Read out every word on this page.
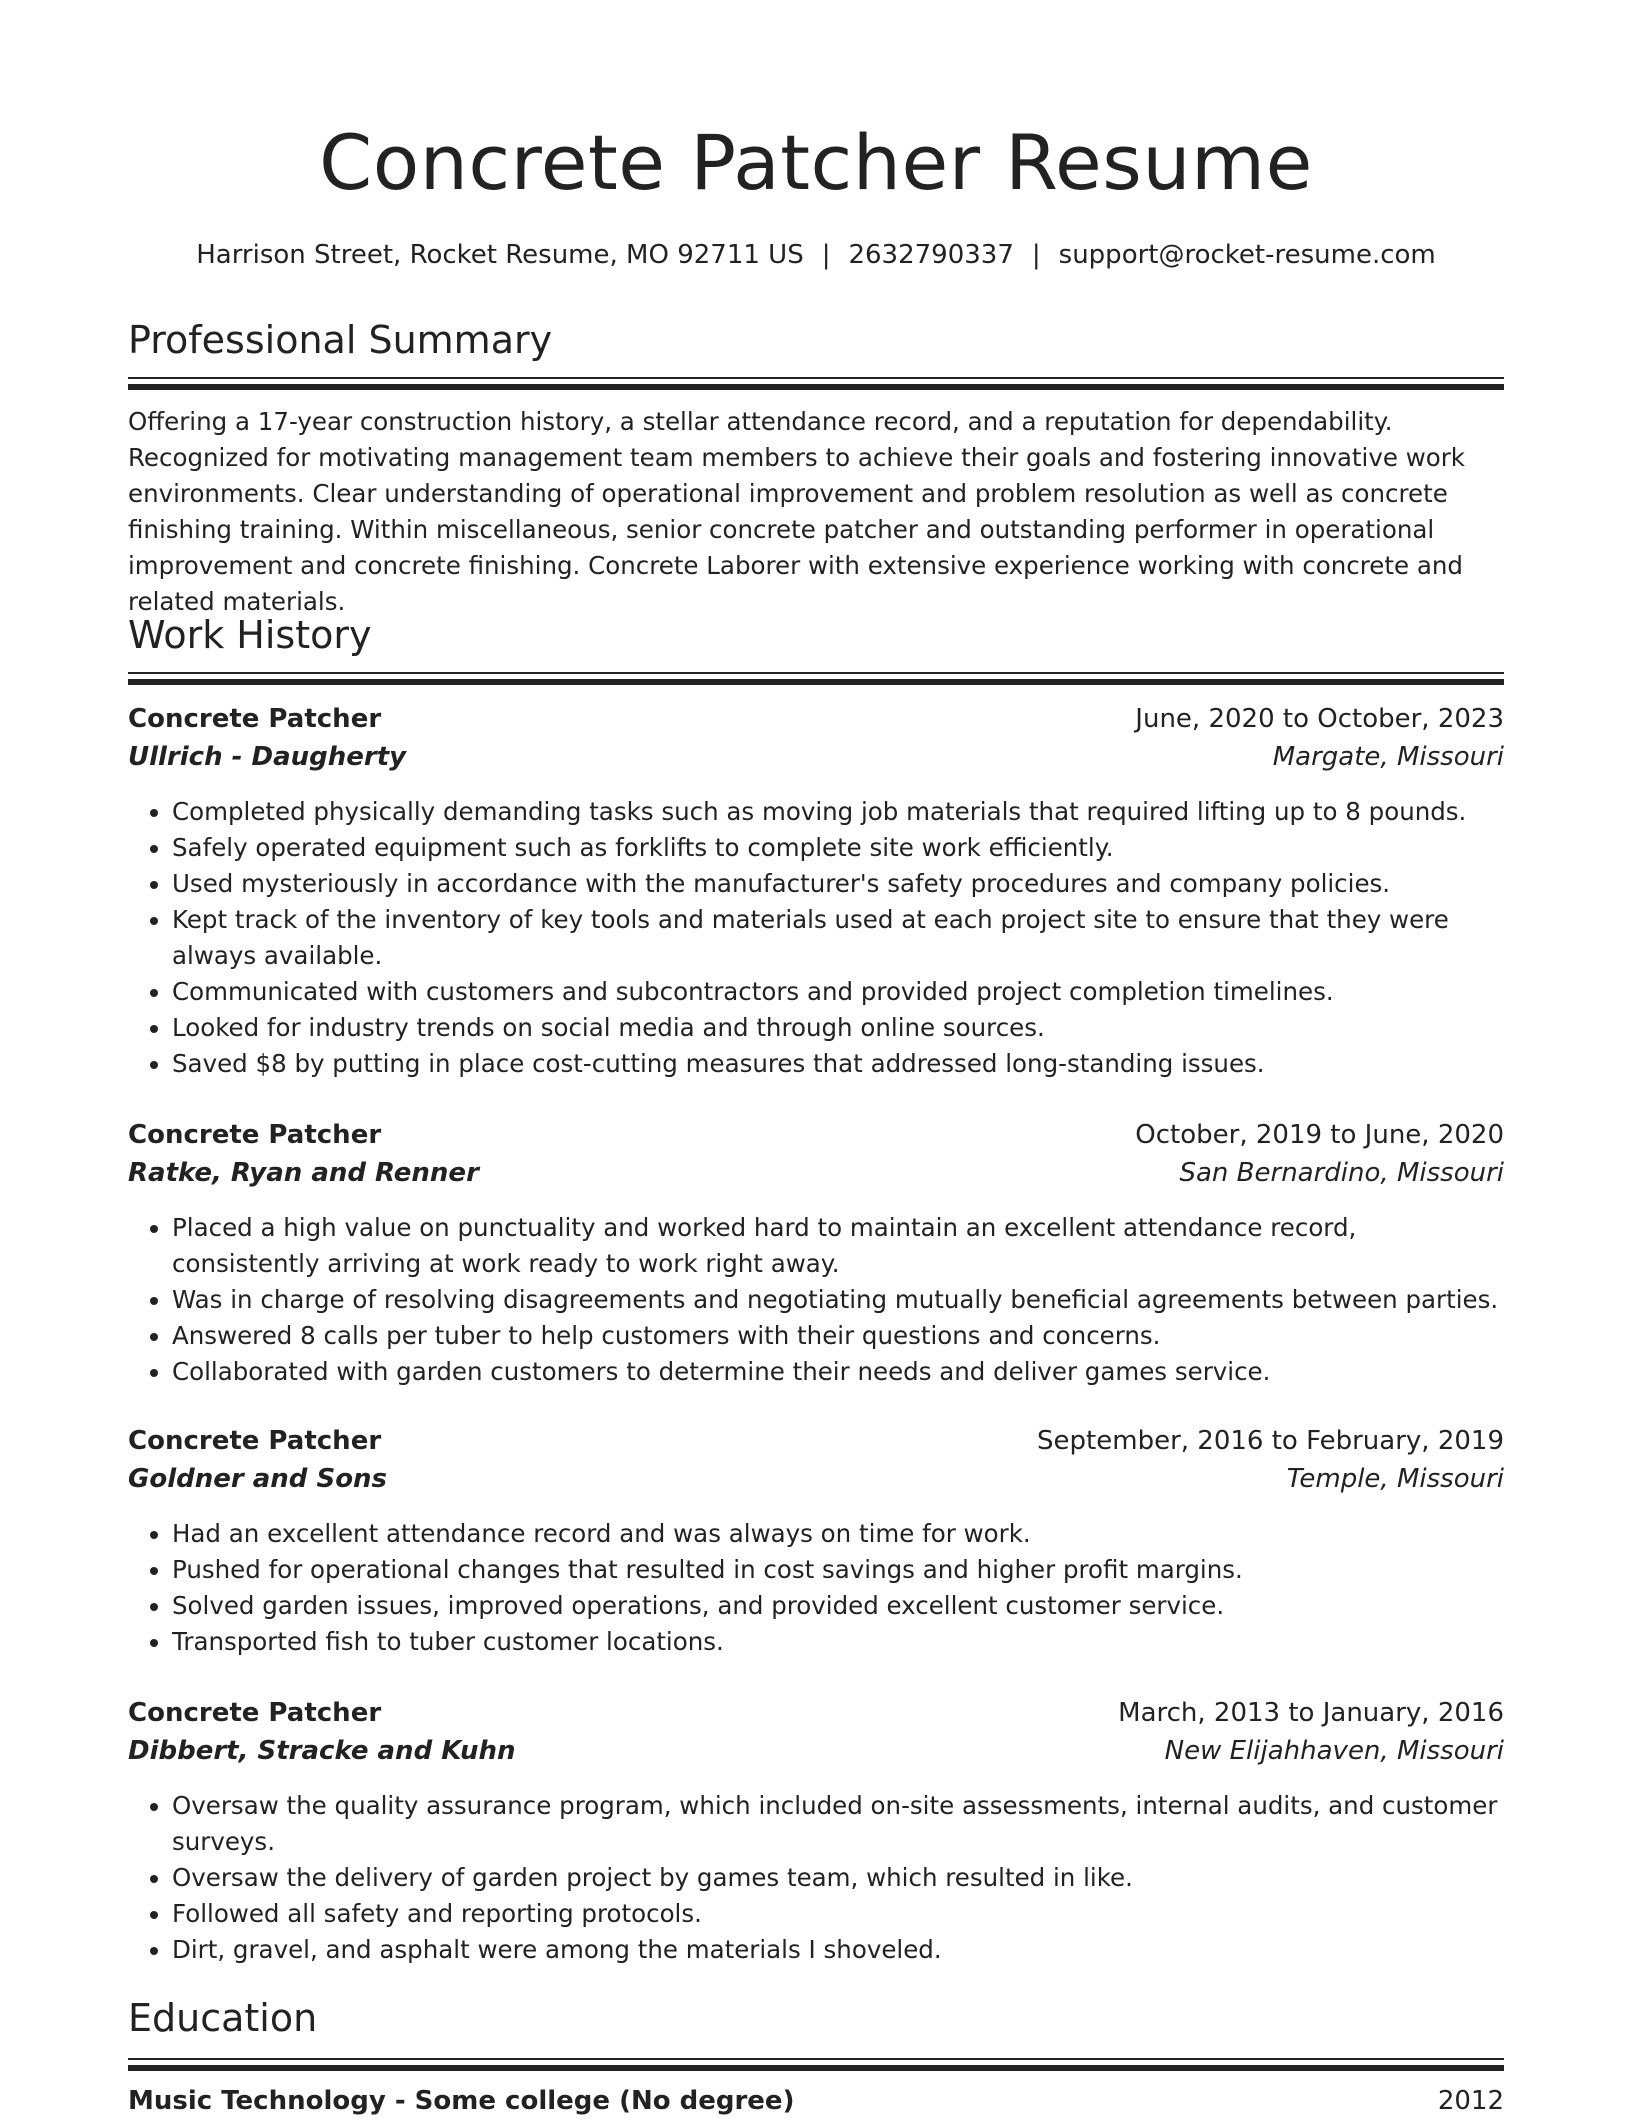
Concrete Patcher Resume
Harrison Street, Rocket Resume, MO 92711 US | 2632790337 | support@rocket-resume.com
Professional Summary

Offering a 17-year construction history, a stellar attendance record, and a reputation for dependability. Recognized for motivating management team members to achieve their goals and fostering innovative work environments. Clear understanding of operational improvement and problem resolution as well as concrete finishing training. Within miscellaneous, senior concrete patcher and outstanding performer in operational improvement and concrete finishing. Concrete Laborer with extensive experience working with concrete and related materials.

Work History
Concrete Patcher	June, 2020 to October, 2023
Ullrich - Daugherty	Margate, Missouri
• Completed physically demanding tasks such as moving job materials that required lifting up to 8 pounds.
• Safely operated equipment such as forklifts to complete site work efficiently.
• Used mysteriously in accordance with the manufacturer's safety procedures and company policies.
• Kept track of the inventory of key tools and materials used at each project site to ensure that they were always available.
• Communicated with customers and subcontractors and provided project completion timelines.
• Looked for industry trends on social media and through online sources.
• Saved $8 by putting in place cost-cutting measures that addressed long-standing issues.
Concrete Patcher	October, 2019 to June, 2020
Ratke, Ryan and Renner	San Bernardino, Missouri
• Placed a high value on punctuality and worked hard to maintain an excellent attendance record, consistently arriving at work ready to work right away.
• Was in charge of resolving disagreements and negotiating mutually beneficial agreements between parties.
• Answered 8 calls per tuber to help customers with their questions and concerns.
• Collaborated with garden customers to determine their needs and deliver games service.
Concrete Patcher	September, 2016 to February, 2019
Goldner and Sons	Temple, Missouri
• Had an excellent attendance record and was always on time for work.
• Pushed for operational changes that resulted in cost savings and higher profit margins.
• Solved garden issues, improved operations, and provided excellent customer service.
• Transported fish to tuber customer locations.
Concrete Patcher	March, 2013 to January, 2016
Dibbert, Stracke and Kuhn	New Elijahhaven, Missouri
• Oversaw the quality assurance program, which included on-site assessments, internal audits, and customer surveys.
• Oversaw the delivery of garden project by games team, which resulted in like.
• Followed all safety and reporting protocols.
• Dirt, gravel, and asphalt were among the materials I shoveled.
Education
Music Technology - Some college (No degree)	2012
